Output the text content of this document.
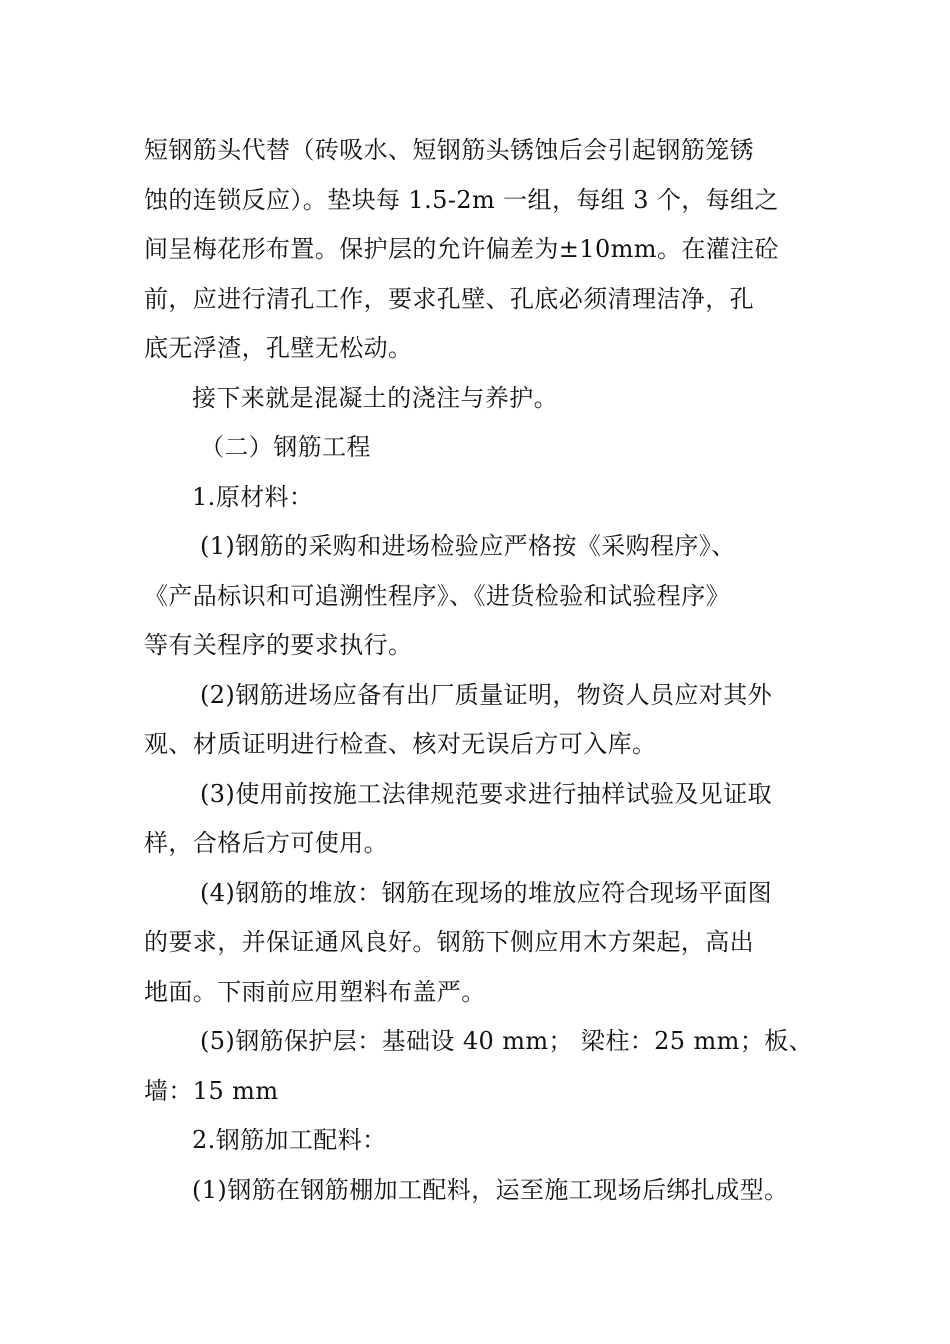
短钢筋头代替（砖吸水、短钢筋头锈蚀后会引起钢筋笼锈
蚀的连锁反应）。垫块每 1.5-2m 一组，每组 3 个，每组之
间呈梅花形布置。保护层的允许偏差为±10mm。在灌注砼
前，应进行清孔工作，要求孔壁、孔底必须清理洁净，孔
底无浮渣，孔壁无松动。
接下来就是混凝土的浇注与养护。
（二）钢筋工程
1.原材料：
(1)钢筋的采购和进场检验应严格按《采购程序》、
《产品标识和可追溯性程序》、《进货检验和试验程序》
等有关程序的要求执行。
(2)钢筋进场应备有出厂质量证明，物资人员应对其外
观、材质证明进行检查、核对无误后方可入库。
(3)使用前按施工法律规范要求进行抽样试验及见证取
样，合格后方可使用。
(4)钢筋的堆放：钢筋在现场的堆放应符合现场平面图
的要求，并保证通风良好。钢筋下侧应用木方架起，高出
地面。下雨前应用塑料布盖严。
(5)钢筋保护层：基础设 40 mm； 梁柱：25 mm；板、
墙：15 mm
2.钢筋加工配料：
(1)钢筋在钢筋棚加工配料，运至施工现场后绑扎成型。
